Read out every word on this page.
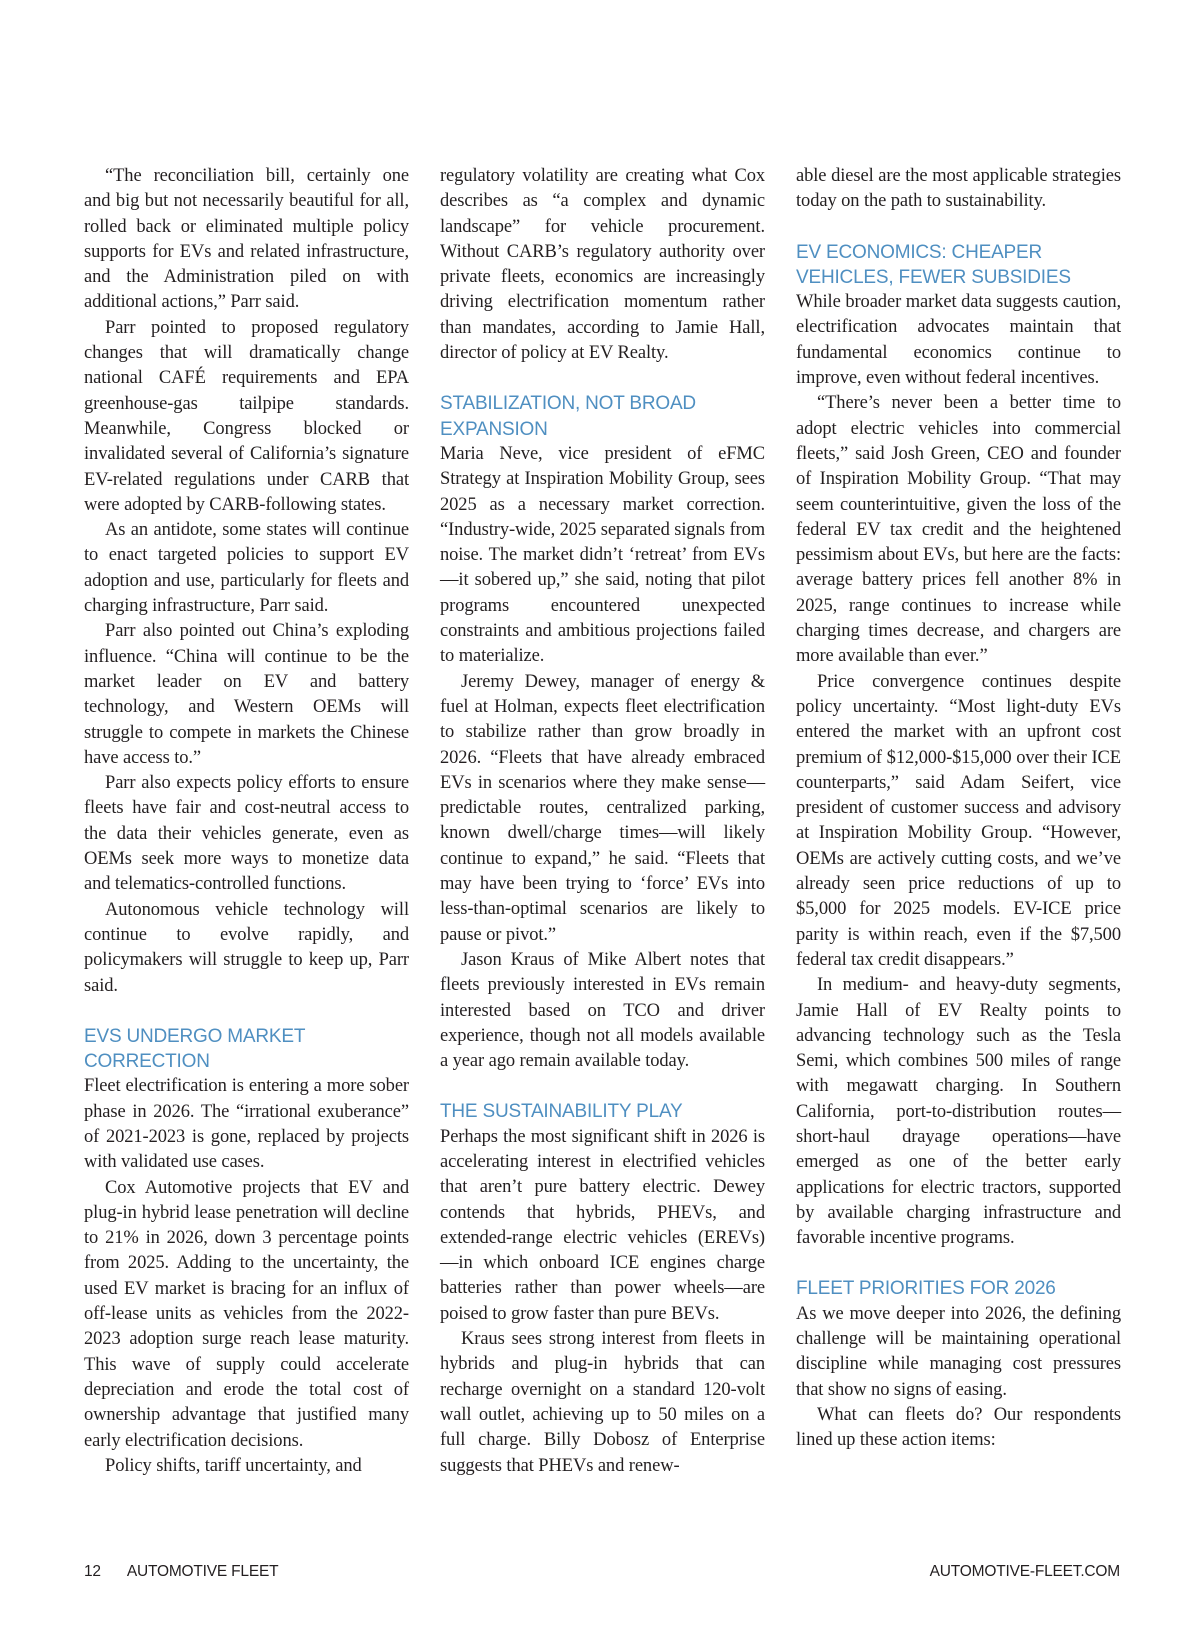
“The reconciliation bill, certainly one and big but not necessarily beautiful for all, rolled back or eliminated multiple policy supports for EVs and related infrastructure, and the Administration piled on with additional actions,” Parr said.

Parr pointed to proposed regulatory changes that will dramatically change national CAFÉ requirements and EPA greenhouse-gas tailpipe standards. Meanwhile, Congress blocked or invalidated several of California’s signature EV-related regulations under CARB that were adopted by CARB-following states.

As an antidote, some states will continue to enact targeted policies to support EV adoption and use, particularly for fleets and charging infrastructure, Parr said.

Parr also pointed out China’s exploding influence. “China will continue to be the market leader on EV and battery technology, and Western OEMs will struggle to compete in markets the Chinese have access to.”

Parr also expects policy efforts to ensure fleets have fair and cost-neutral access to the data their vehicles generate, even as OEMs seek more ways to monetize data and telematics-controlled functions.

Autonomous vehicle technology will continue to evolve rapidly, and policymakers will struggle to keep up, Parr said.

EVS UNDERGO MARKET CORRECTION

Fleet electrification is entering a more sober phase in 2026. The “irrational exuberance” of 2021-2023 is gone, replaced by projects with validated use cases.

Cox Automotive projects that EV and plug-in hybrid lease penetration will decline to 21% in 2026, down 3 percentage points from 2025. Adding to the uncertainty, the used EV market is bracing for an influx of off-lease units as vehicles from the 2022-2023 adoption surge reach lease maturity. This wave of supply could accelerate depreciation and erode the total cost of ownership advantage that justified many early electrification decisions.

Policy shifts, tariff uncertainty, and

regulatory volatility are creating what Cox describes as “a complex and dynamic landscape” for vehicle procurement. Without CARB’s regulatory authority over private fleets, economics are increasingly driving electrification momentum rather than mandates, according to Jamie Hall, director of policy at EV Realty.

STABILIZATION, NOT BROAD EXPANSION

Maria Neve, vice president of eFMC Strategy at Inspiration Mobility Group, sees 2025 as a necessary market correction. “Industry-wide, 2025 separated signals from noise. The market didn’t ‘retreat’ from EVs—it sobered up,” she said, noting that pilot programs encountered unexpected constraints and ambitious projections failed to materialize.

Jeremy Dewey, manager of energy & fuel at Holman, expects fleet electrification to stabilize rather than grow broadly in 2026. “Fleets that have already embraced EVs in scenarios where they make sense—predictable routes, centralized parking, known dwell/charge times—will likely continue to expand,” he said. “Fleets that may have been trying to ‘force’ EVs into less-than-optimal scenarios are likely to pause or pivot.”

Jason Kraus of Mike Albert notes that fleets previously interested in EVs remain interested based on TCO and driver experience, though not all models available a year ago remain available today.

THE SUSTAINABILITY PLAY

Perhaps the most significant shift in 2026 is accelerating interest in electrified vehicles that aren’t pure battery electric. Dewey contends that hybrids, PHEVs, and extended-range electric vehicles (EREVs)—in which onboard ICE engines charge batteries rather than power wheels—are poised to grow faster than pure BEVs.

Kraus sees strong interest from fleets in hybrids and plug-in hybrids that can recharge overnight on a standard 120-volt wall outlet, achieving up to 50 miles on a full charge. Billy Dobosz of Enterprise suggests that PHEVs and renew-

able diesel are the most applicable strategies today on the path to sustainability.

EV ECONOMICS: CHEAPER VEHICLES, FEWER SUBSIDIES

While broader market data suggests caution, electrification advocates maintain that fundamental economics continue to improve, even without federal incentives.

“There’s never been a better time to adopt electric vehicles into commercial fleets,” said Josh Green, CEO and founder of Inspiration Mobility Group. “That may seem counterintuitive, given the loss of the federal EV tax credit and the heightened pessimism about EVs, but here are the facts: average battery prices fell another 8% in 2025, range continues to increase while charging times decrease, and chargers are more available than ever.”

Price convergence continues despite policy uncertainty. “Most light-duty EVs entered the market with an upfront cost premium of $12,000-$15,000 over their ICE counterparts,” said Adam Seifert, vice president of customer success and advisory at Inspiration Mobility Group. “However, OEMs are actively cutting costs, and we’ve already seen price reductions of up to $5,000 for 2025 models. EV-ICE price parity is within reach, even if the $7,500 federal tax credit disappears.”

In medium- and heavy-duty segments, Jamie Hall of EV Realty points to advancing technology such as the Tesla Semi, which combines 500 miles of range with megawatt charging. In Southern California, port-to-distribution routes—short-haul drayage operations—have emerged as one of the better early applications for electric tractors, supported by available charging infrastructure and favorable incentive programs.

FLEET PRIORITIES FOR 2026

As we move deeper into 2026, the defining challenge will be maintaining operational discipline while managing cost pressures that show no signs of easing.

What can fleets do? Our respondents lined up these action items:

12 AUTOMOTIVE FLEET	AUTOMOTIVE-FLEET.COM
